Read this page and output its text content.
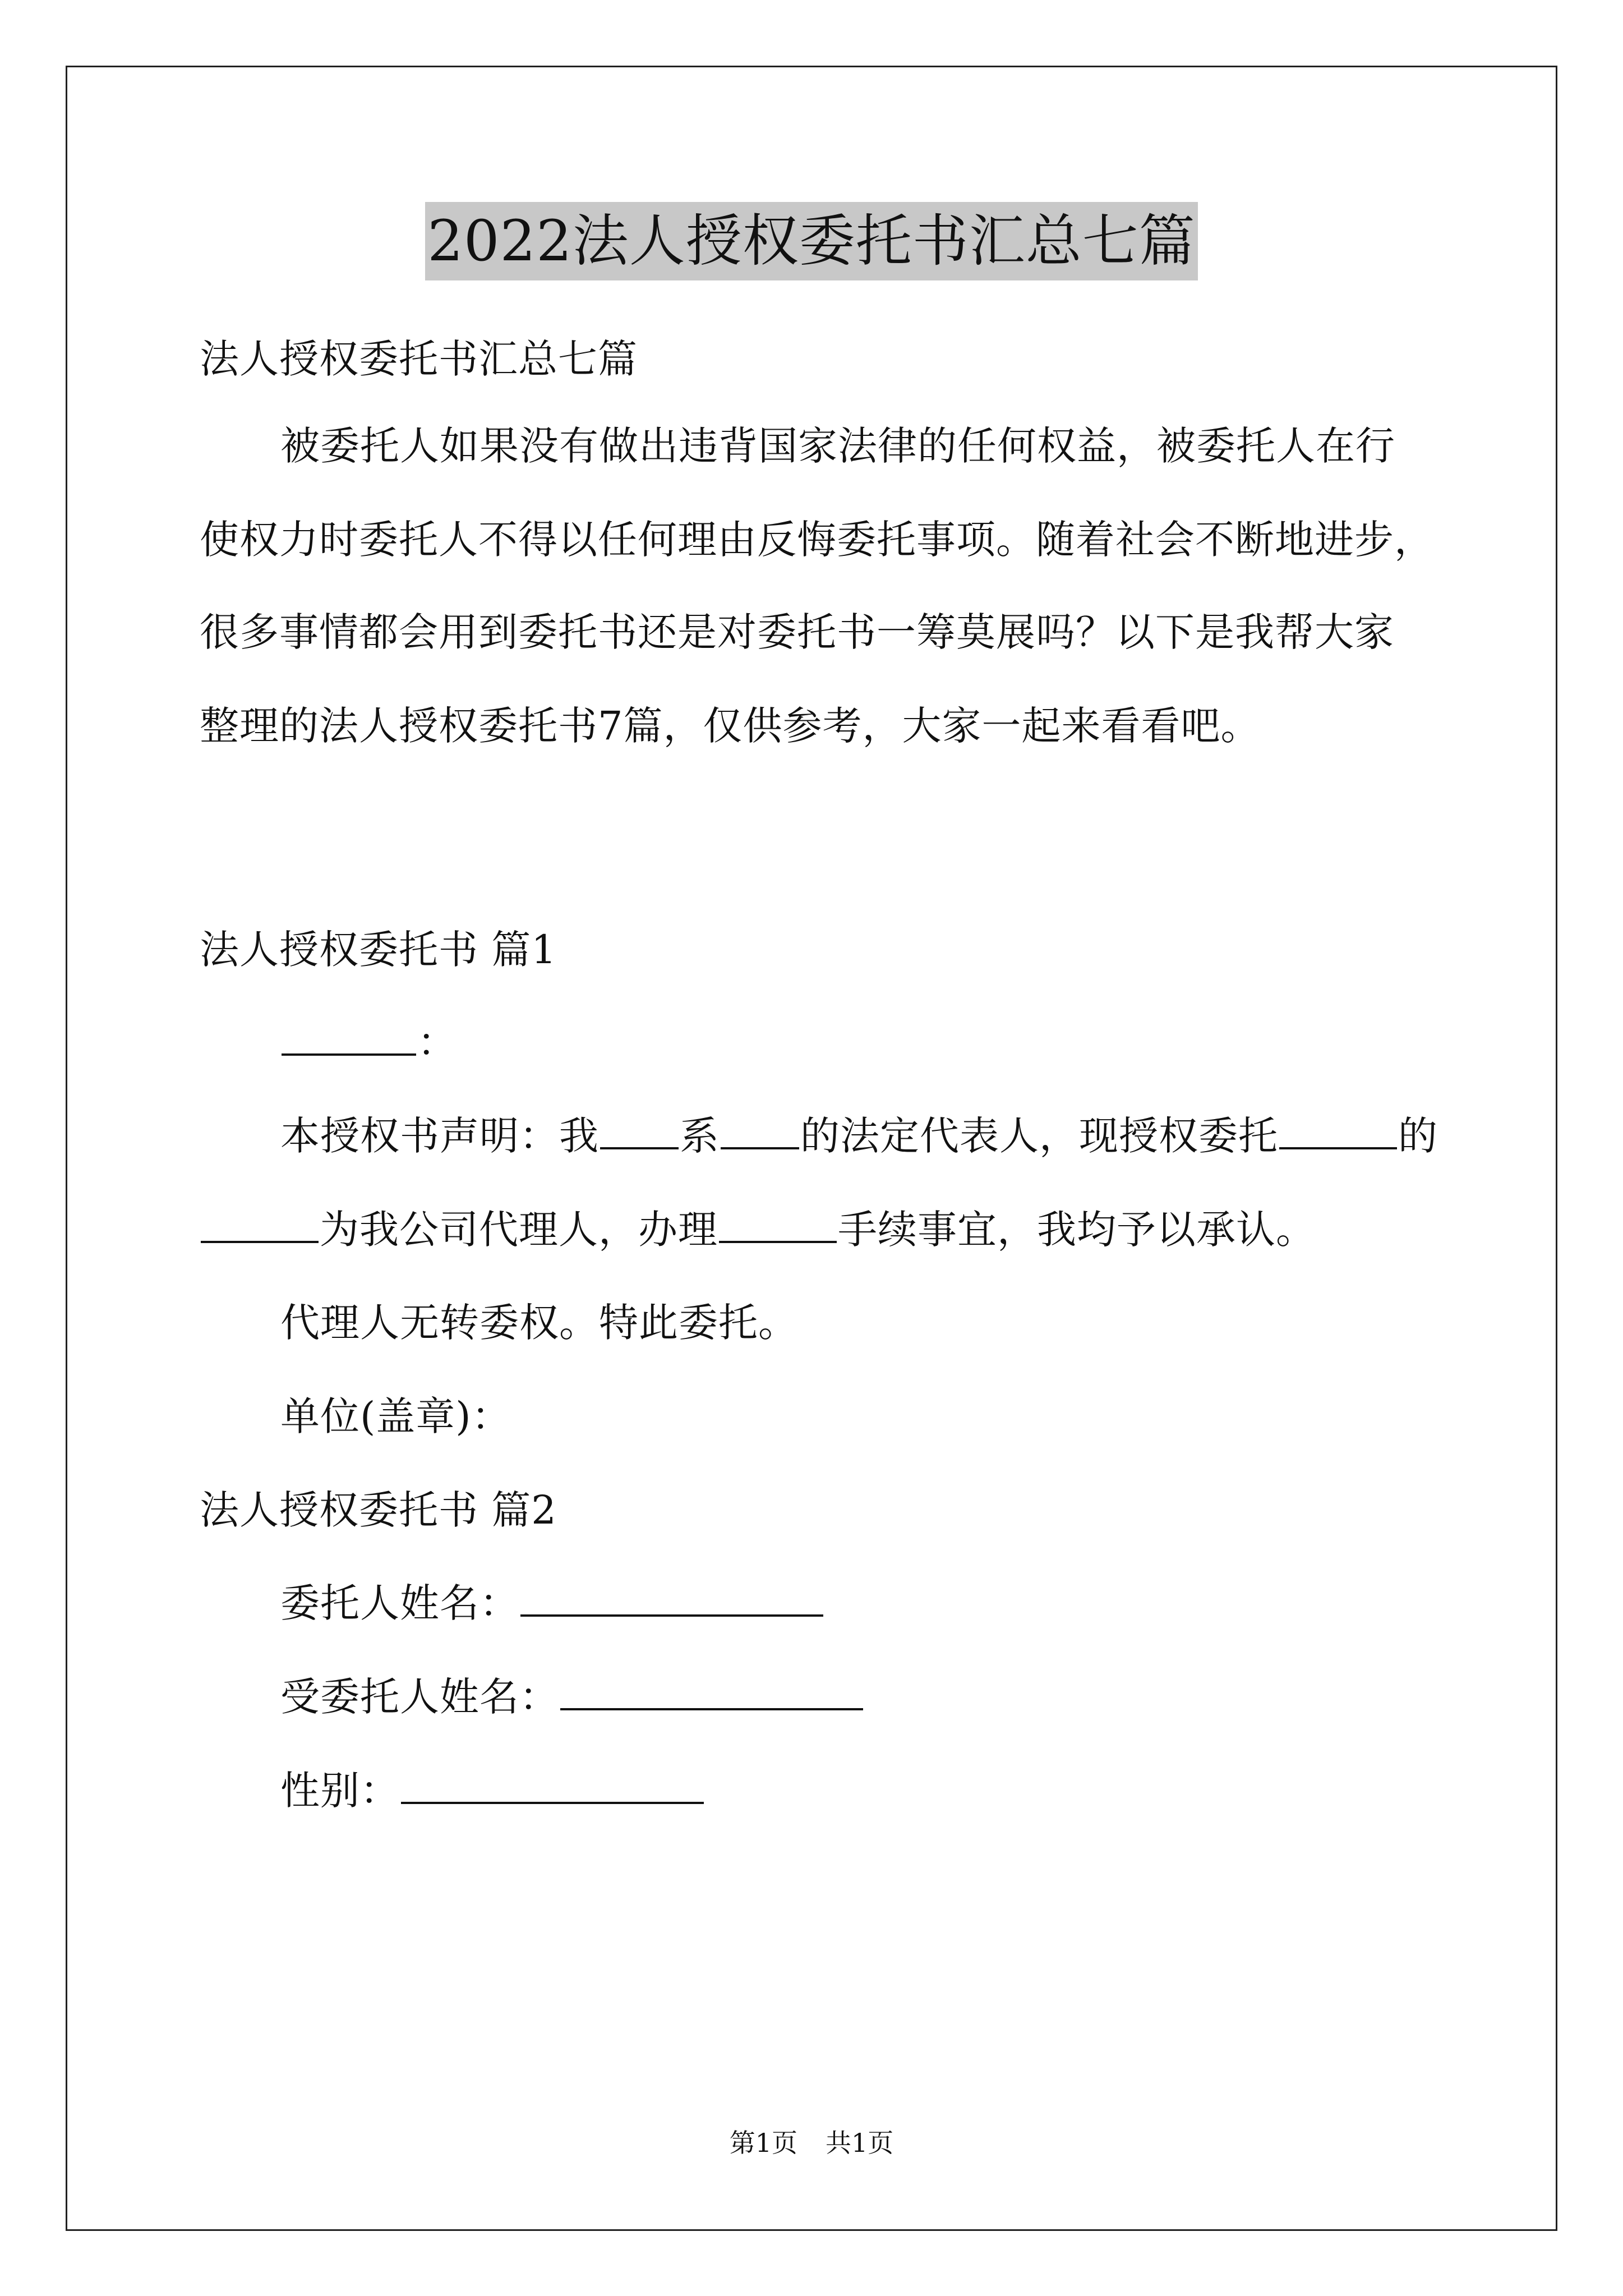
2022法人授权委托书汇总七篇
法人授权委托书汇总七篇
被委托人如果没有做出违背国家法律的任何权益，被委托人在行
使权力时委托人不得以任何理由反悔委托事项。随着社会不断地进步，
很多事情都会用到委托书还是对委托书一筹莫展吗？以下是我帮大家
整理的法人授权委托书7篇，仅供参考，大家一起来看看吧。
法人授权委托书 篇1
：
本授权书声明：我 系 的法定代表人，现授权委托	的
为我公司代理人，办理	手续事宜，我均予以承认。
代理人无转委权。特此委托。
单位(盖章)：
法人授权委托书 篇2
委托人姓名：
受委托人姓名：
性别：
第1页 共1页
